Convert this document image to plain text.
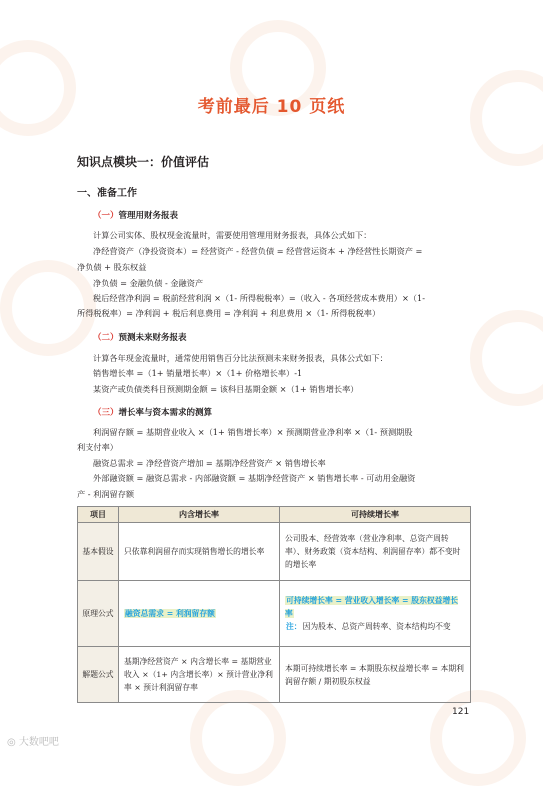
考前最后 10 页纸
知识点模块一：价值评估
一、准备工作
（一）管理用财务报表
计算公司实体、股权现金流量时，需要使用管理用财务报表，具体公式如下：
净经营资产（净投资资本）= 经营资产 - 经营负债 = 经营营运资本 + 净经营性长期资产 =
净负债 + 股东权益
净负债 = 金融负债 - 金融资产
税后经营净利润 = 税前经营利润 ×（1- 所得税税率）=（收入 - 各项经营成本费用）×（1-
所得税税率）= 净利润 + 税后利息费用 = 净利润 + 利息费用 ×（1- 所得税税率）
（二）预测未来财务报表
计算各年现金流量时，通常使用销售百分比法预测未来财务报表，具体公式如下：
销售增长率 =（1+ 销量增长率）×（1+ 价格增长率）-1
某资产或负债类科目预测期金额 = 该科目基期金额 ×（1+ 销售增长率）
（三）增长率与资本需求的测算
利润留存额 = 基期营业收入 ×（1+ 销售增长率）× 预测期营业净利率 ×（1- 预测期股
利支付率）
融资总需求 = 净经营资产增加 = 基期净经营资产 × 销售增长率
外部融资额 = 融资总需求 - 内部融资额 = 基期净经营资产 × 销售增长率 - 可动用金融资
产 - 利润留存额
项目	内含增长率	可持续增长率
基本假设	只依靠利润留存而实现销售增长的增长率	公司股本、经营效率（营业净利率、总资产周转率）、财务政策（资本结构、利润留存率）都不变时的增长率
原理公式	融资总需求 = 利润留存额	可持续增长率 = 营业收入增长率 = 股东权益增长率
注：因为股本、总资产周转率、资本结构均不变
解题公式	基期净经营资产 × 内含增长率 = 基期营业收入 ×（1+ 内含增长率）× 预计营业净利率 × 预计利润留存率	本期可持续增长率 = 本期股东权益增长率 = 本期利润留存额 / 期初股东权益
121
◎ 大数吧吧
